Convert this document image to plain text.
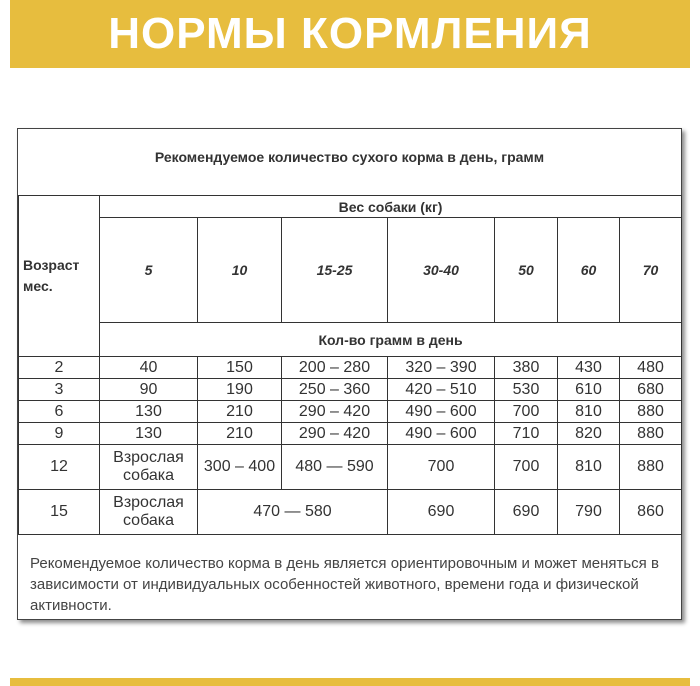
НОРМЫ КОРМЛЕНИЯ
Рекомендуемое количество сухого корма в день, грамм
Возраст мес.	Вес собаки (кг)						
	5	10	15-25	30-40	50	60	70
	Кол-во грамм в день						
2	40	150	200 – 280	320 – 390	380	430	480
3	90	190	250 – 360	420 – 510	530	610	680
6	130	210	290 – 420	490 – 600	700	810	880
9	130	210	290 – 420	490 – 600	710	820	880
12	Взрослая собака	300 – 400	480 — 590	700	700	810	880
15	Взрослая собака	470 — 580		690	690	790	860
Рекомендуемое количество корма в день является ориентировочным и может меняться в зависимости от индивидуальных особенностей животного, времени года и физической активности.
